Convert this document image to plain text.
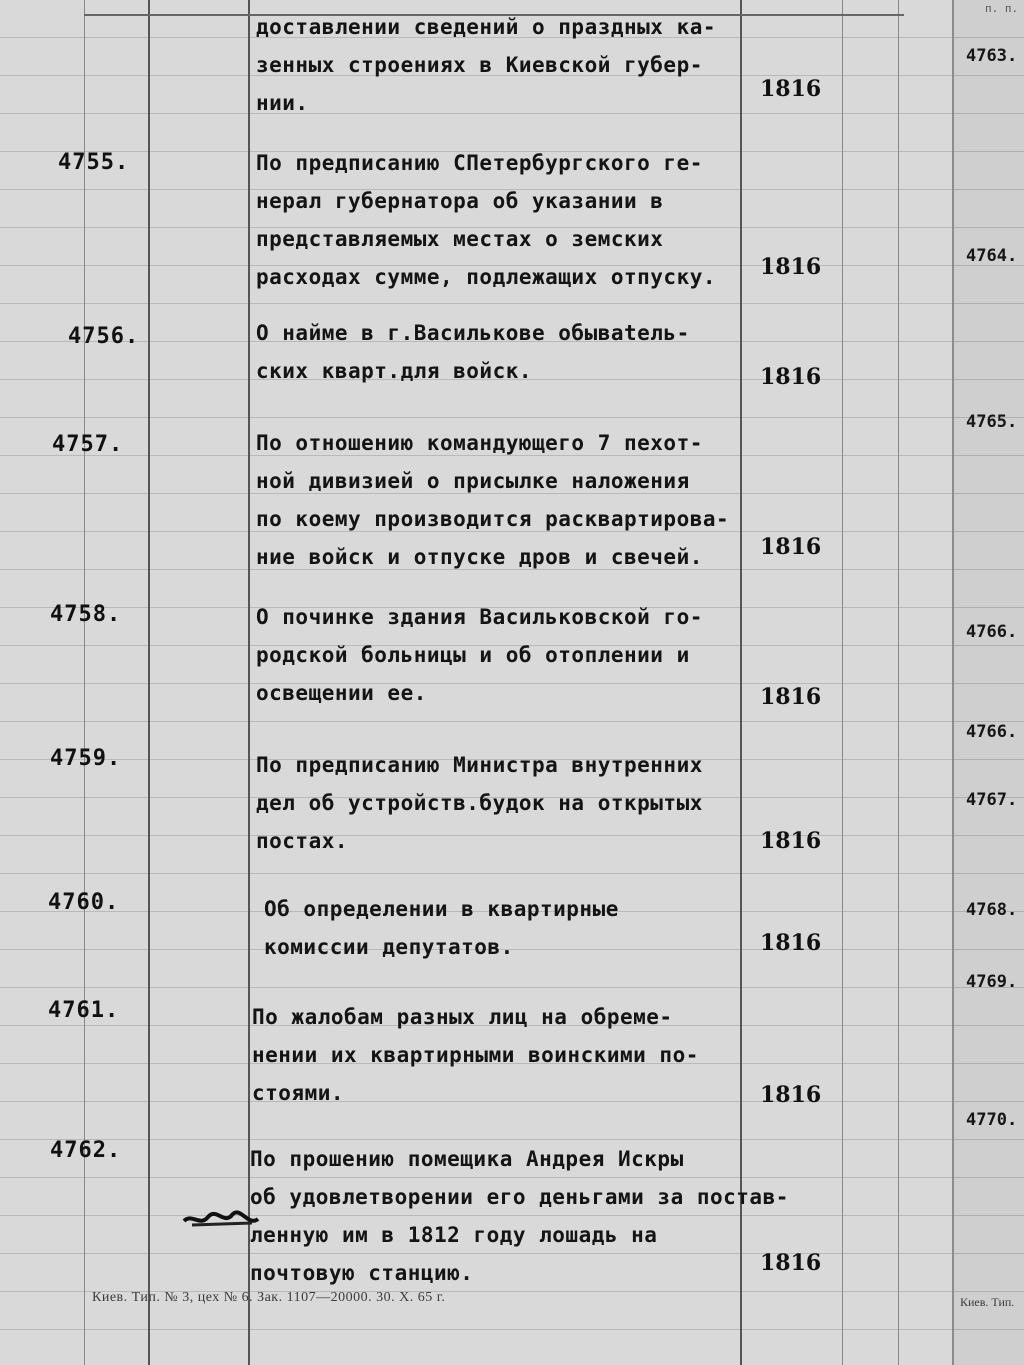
доставлении сведений о праздных ка-
зенных строениях в Киевской губер-
нии.
1816
4755.	По предписанию СПетербургского ге-
нерал губернатора об указании в
представляемых местах о земских
расходах сумме, подлежащих отпуску.	1816
4756.	О найме в г.Василькове обывatель-
ских кварт.для войск.	1816
4757.	По отношению командующего 7 пехот-
ной дивизией о присылке наложения
по коему производится расквартирова-
ние войск и отпуске дров и свечей.	1816
4758.	О починке здания Васильковской го-
родской больницы и об отоплении и
освещении ее.	1816
4759.	По предписанию Министра внутренних
дел об устройств.будок на открытых
постах.	1816
4760.	Об определении в квартирные
комиссии депутатов.	1816
4761.	По жалобам разных лиц на обреме-
нении их квартирными воинскими по-
стоями.	1816
4762.	По прошению помещика Андрея Искры
об удовлетворении его деньгами за постав-
ленную им в 1812 году лошадь на
почтовую станцию.	1816
Киев. Тип. № 3, цех № 6. Зак. 1107—20000. 30. X. 65 г.
4763.
4764.
4765.
4766.
4766.
4767.
4768.
4769.
4770.
п. п.
Киев. Тип.
